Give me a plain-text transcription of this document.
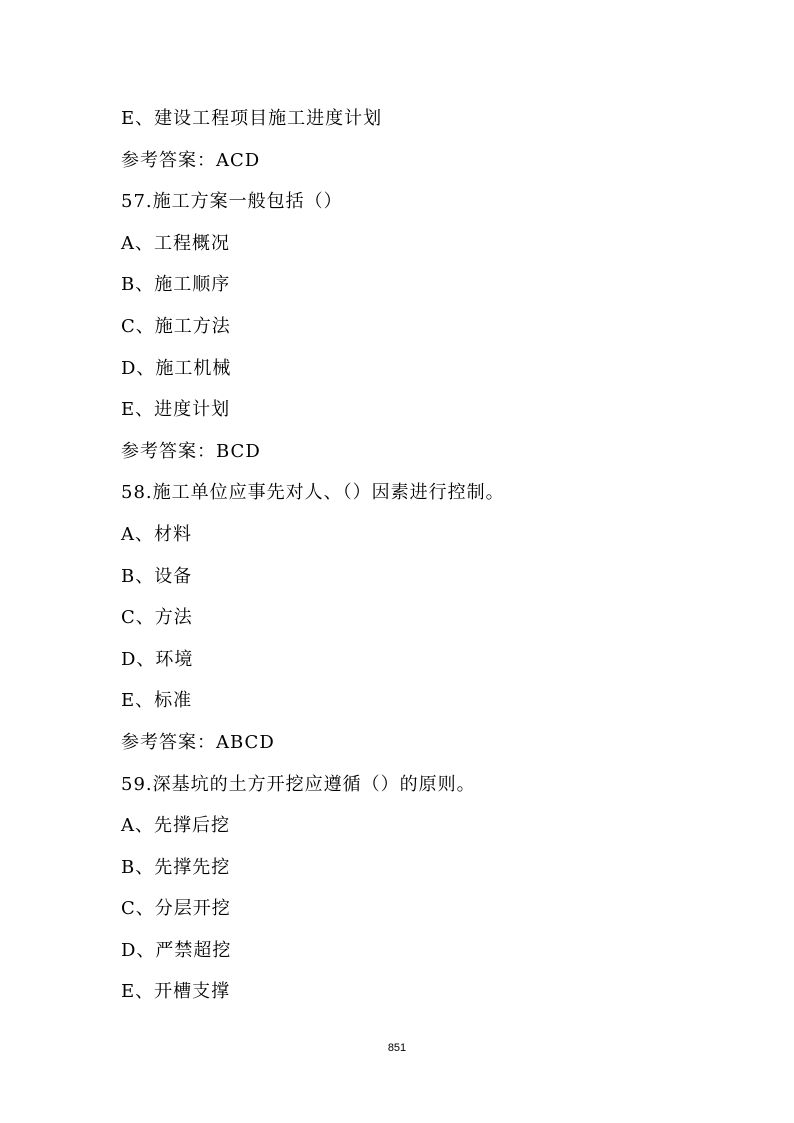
E、建设工程项目施工进度计划
参考答案：ACD
57.施工方案一般包括（）
A、工程概况
B、施工顺序
C、施工方法
D、施工机械
E、进度计划
参考答案：BCD
58.施工单位应事先对人、（）因素进行控制。
A、材料
B、设备
C、方法
D、环境
E、标准
参考答案：ABCD
59.深基坑的土方开挖应遵循（）的原则。
A、先撑后挖
B、先撑先挖
C、分层开挖
D、严禁超挖
E、开槽支撑
851
